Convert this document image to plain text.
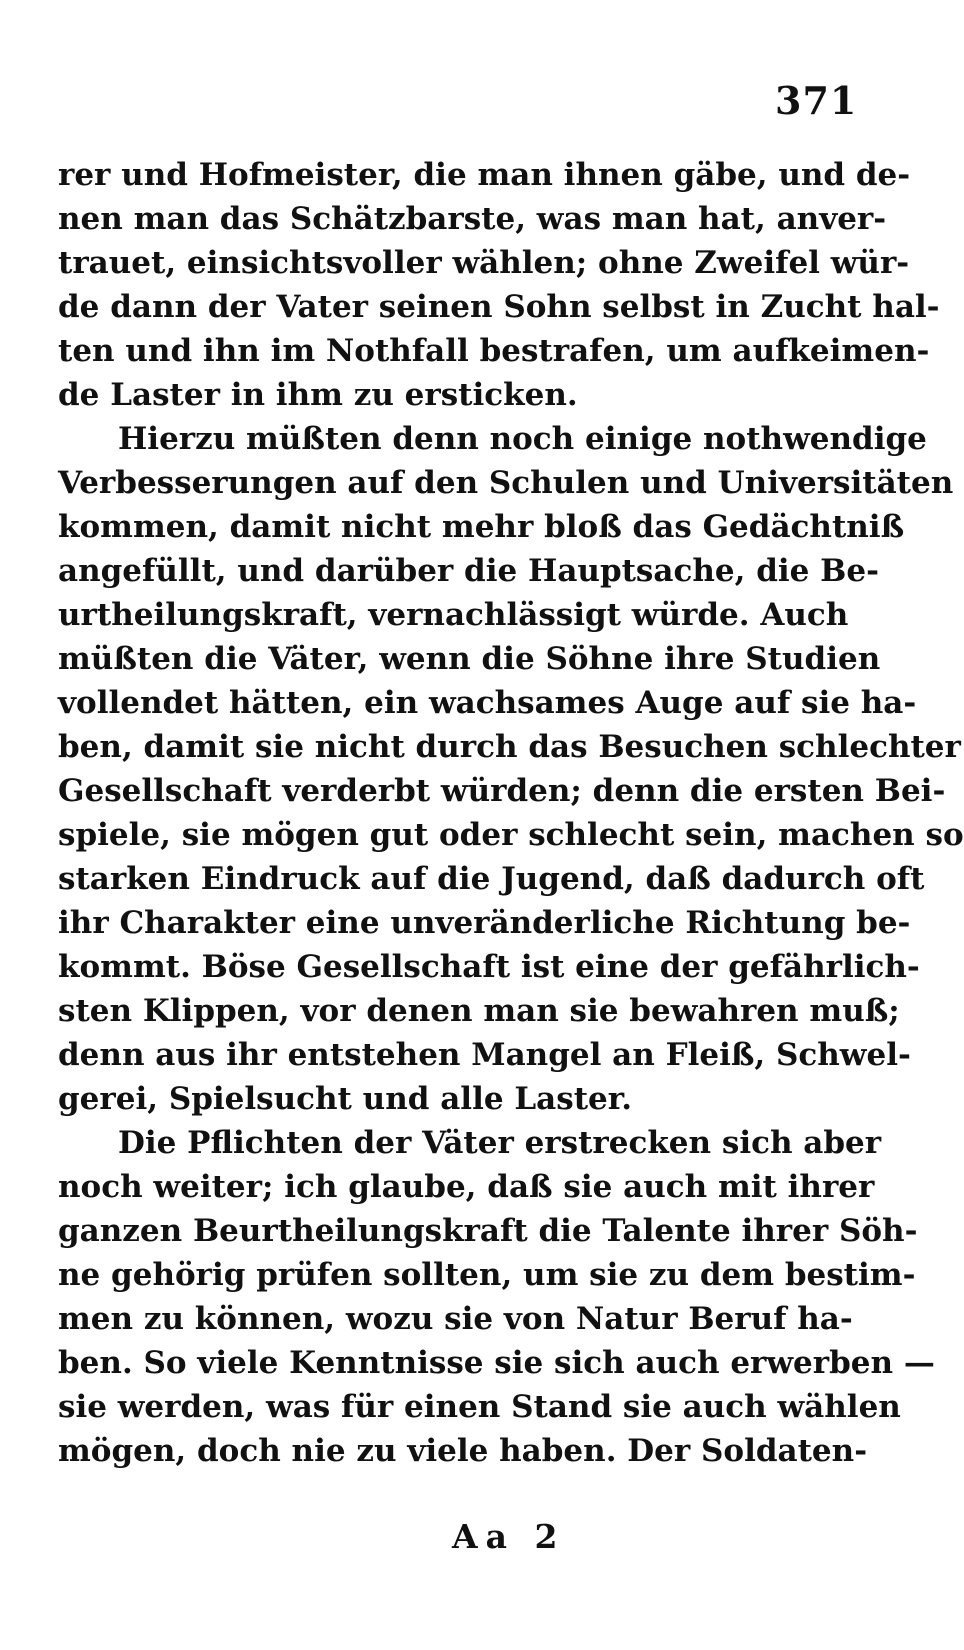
371
rer und Hofmeister, die man ihnen gäbe, und de-
nen man das Schätzbarste, was man hat, anver-
trauet, einsichtsvoller wählen; ohne Zweifel wür-
de dann der Vater seinen Sohn selbst in Zucht hal-
ten und ihn im Nothfall bestrafen, um aufkeimen-
de Laster in ihm zu ersticken.
Hierzu müßten denn noch einige nothwendige
Verbesserungen auf den Schulen und Universitäten
kommen, damit nicht mehr bloß das Gedächtniß
angefüllt, und darüber die Hauptsache, die Be-
urtheilungskraft, vernachlässigt würde. Auch
müßten die Väter, wenn die Söhne ihre Studien
vollendet hätten, ein wachsames Auge auf sie ha-
ben, damit sie nicht durch das Besuchen schlechter
Gesellschaft verderbt würden; denn die ersten Bei-
spiele, sie mögen gut oder schlecht sein, machen so
starken Eindruck auf die Jugend, daß dadurch oft
ihr Charakter eine unveränderliche Richtung be-
kommt. Böse Gesellschaft ist eine der gefährlich-
sten Klippen, vor denen man sie bewahren muß;
denn aus ihr entstehen Mangel an Fleiß, Schwel-
gerei, Spielsucht und alle Laster.
Die Pflichten der Väter erstrecken sich aber
noch weiter; ich glaube, daß sie auch mit ihrer
ganzen Beurtheilungskraft die Talente ihrer Söh-
ne gehörig prüfen sollten, um sie zu dem bestim-
men zu können, wozu sie von Natur Beruf ha-
ben. So viele Kenntnisse sie sich auch erwerben —
sie werden, was für einen Stand sie auch wählen
mögen, doch nie zu viele haben. Der Soldaten-
Aa 2
